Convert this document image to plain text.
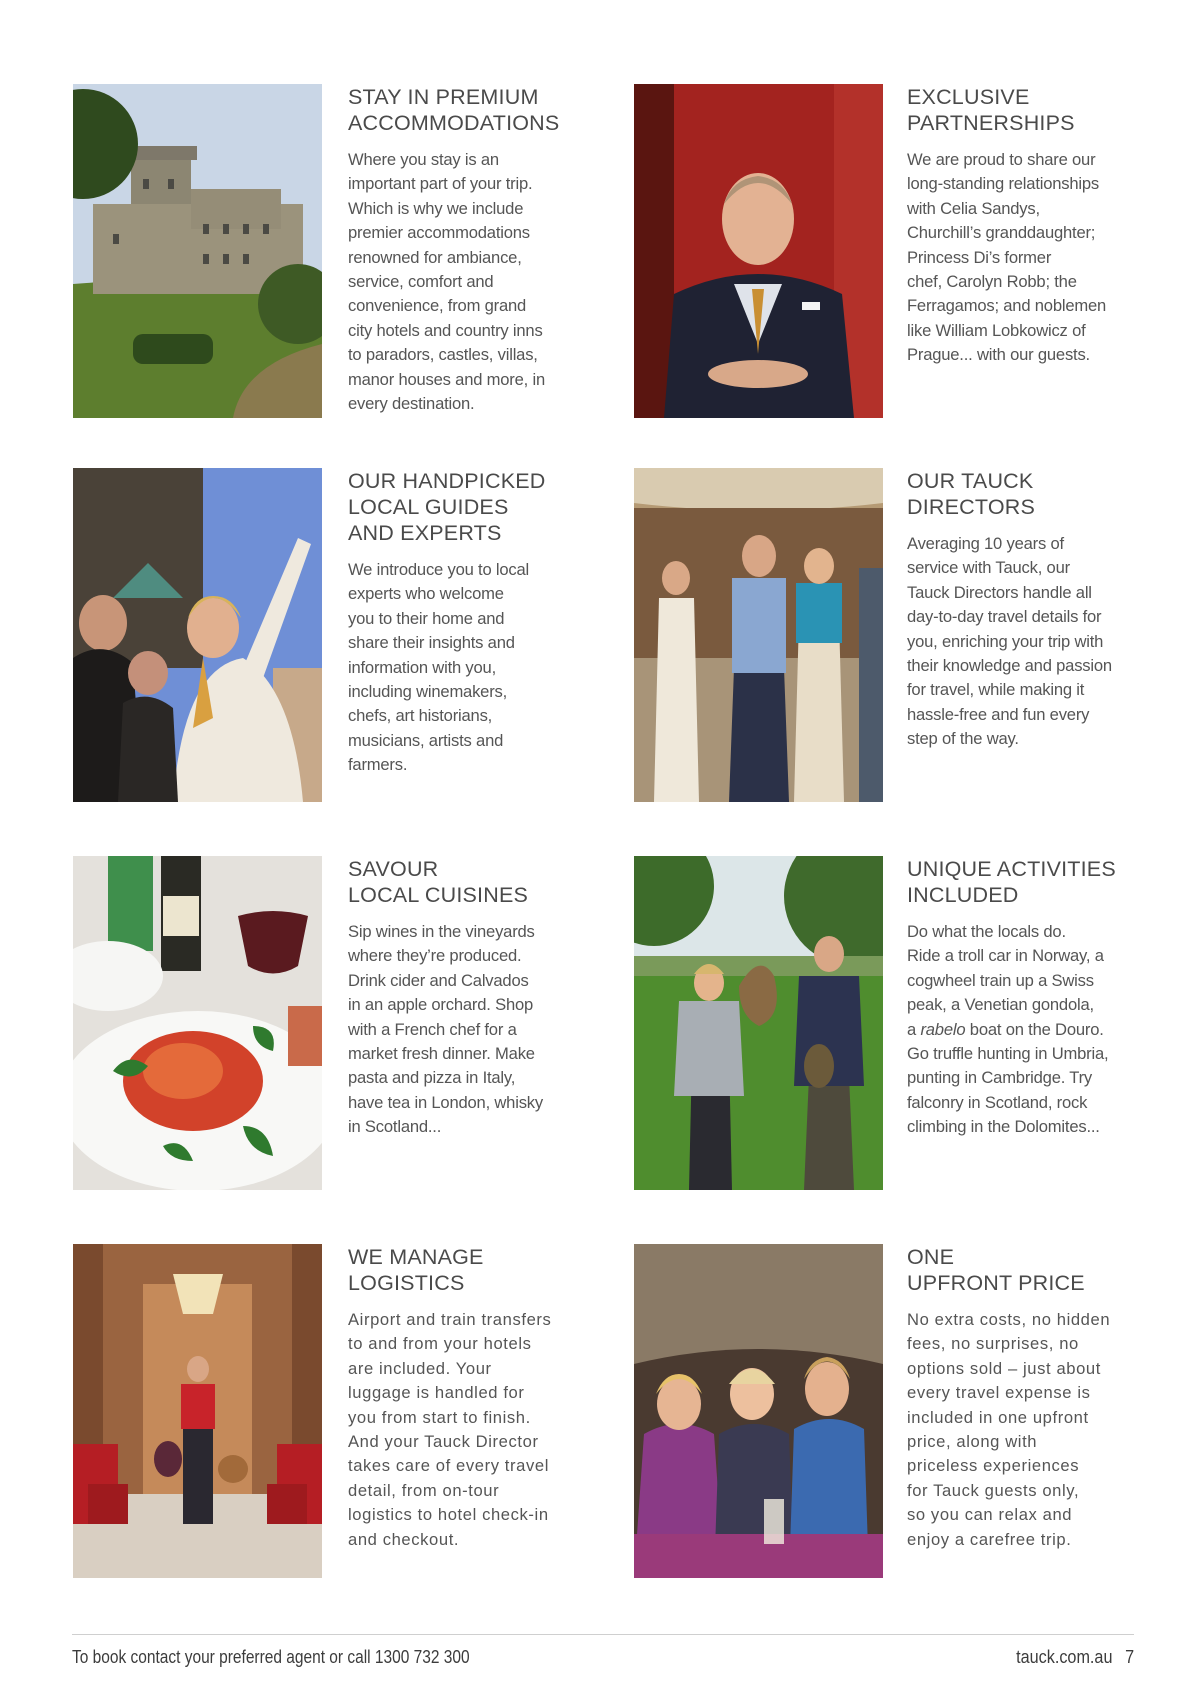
STAY IN PREMIUM
ACCOMMODATIONS
Where you stay is an
important part of your trip.
Which is why we include
premier accommodations
renowned for ambiance,
service, comfort and
convenience, from grand
city hotels and country inns
to paradors, castles, villas,
manor houses and more, in
every destination.
EXCLUSIVE
PARTNERSHIPS
We are proud to share our
long-standing relationships
with Celia Sandys,
Churchill’s granddaughter;
Princess Di’s former
chef, Carolyn Robb; the
Ferragamos; and noblemen
like William Lobkowicz of
Prague... with our guests.
OUR HANDPICKED
LOCAL GUIDES
AND EXPERTS
We introduce you to local
experts who welcome
you to their home and
share their insights and
information with you,
including winemakers,
chefs, art historians,
musicians, artists and
farmers.
OUR TAUCK
DIRECTORS
Averaging 10 years of
service with Tauck, our
Tauck Directors handle all
day-to-day travel details for
you, enriching your trip with
their knowledge and passion
for travel, while making it
hassle-free and fun every
step of the way.
SAVOUR
LOCAL CUISINES
Sip wines in the vineyards
where they’re produced.
Drink cider and Calvados
in an apple orchard. Shop
with a French chef for a
market fresh dinner. Make
pasta and pizza in Italy,
have tea in London, whisky
in Scotland...
UNIQUE ACTIVITIES
INCLUDED
Do what the locals do.
Ride a troll car in Norway, a
cogwheel train up a Swiss
peak, a Venetian gondola,
a rabelo boat on the Douro.
Go truffle hunting in Umbria,
punting in Cambridge. Try
falconry in Scotland, rock
climbing in the Dolomites...
WE MANAGE
LOGISTICS
Airport and train transfers
to and from your hotels
are included. Your
luggage is handled for
you from start to finish.
And your Tauck Director
takes care of every travel
detail, from on-tour
logistics to hotel check-in
and checkout.
ONE
UPFRONT PRICE
No extra costs, no hidden
fees, no surprises, no
options sold – just about
every travel expense is
included in one upfront
price, along with
priceless experiences
for Tauck guests only,
so you can relax and
enjoy a carefree trip.
To book contact your preferred agent or call 1300 732 300	tauck.com.au 7
